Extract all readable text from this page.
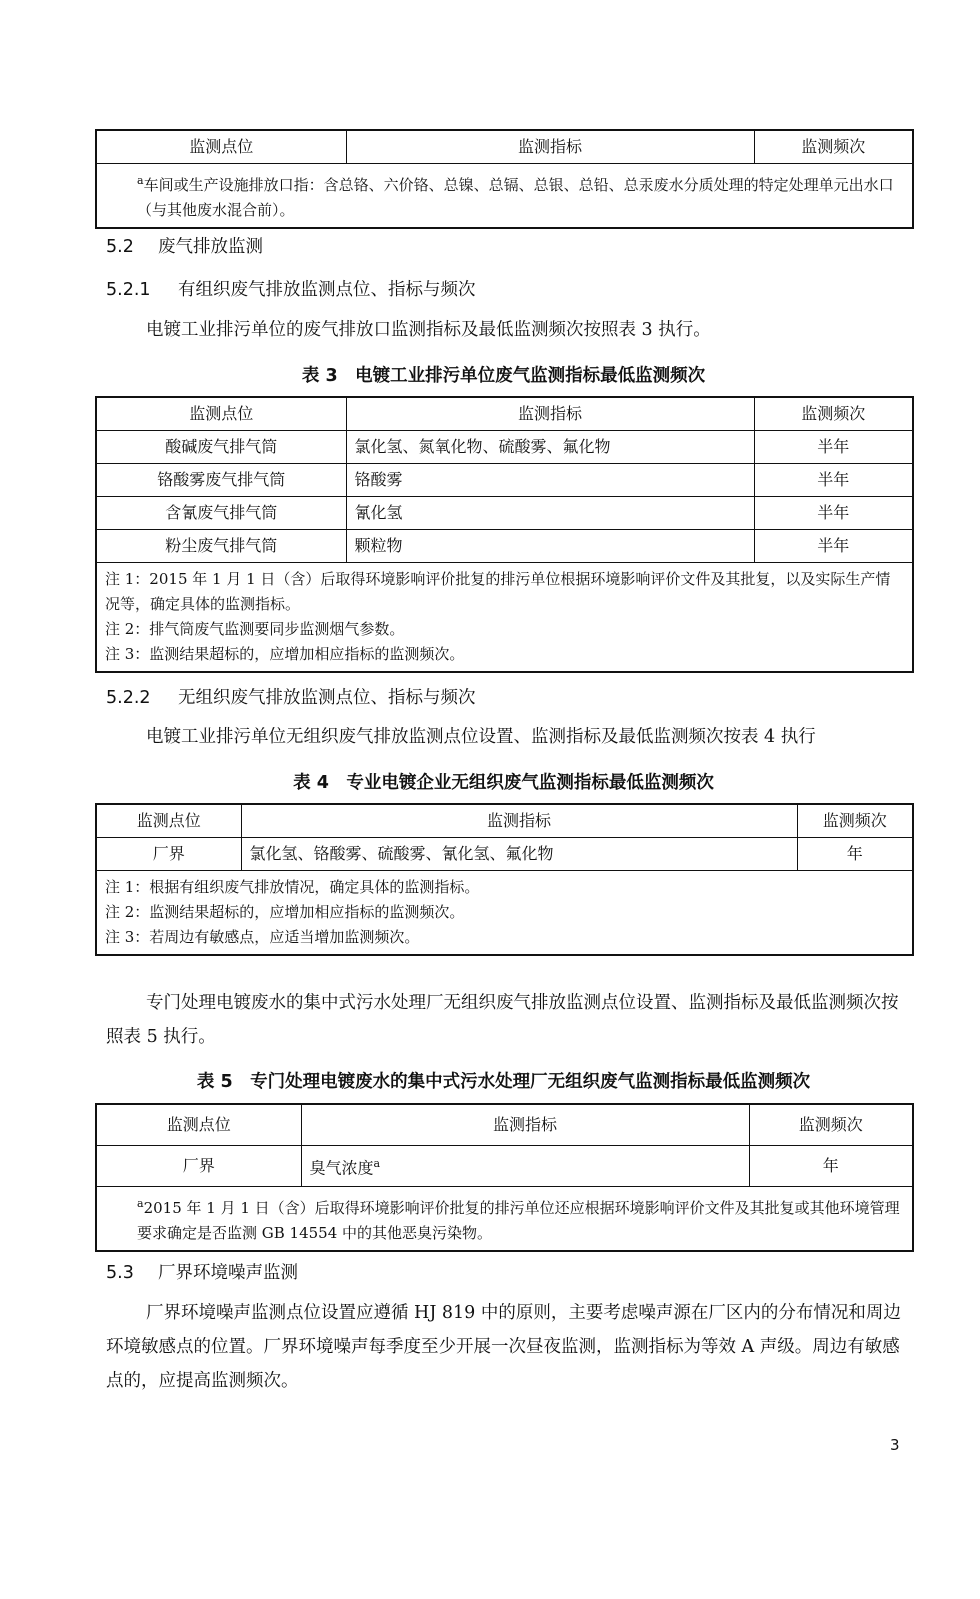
监测点位	监测指标	监测频次
$^a$车间或生产设施排放口指：含总铬、六价铬、总镍、总镉、总银、总铅、总汞废水分质处理的特定处理单元出水口（与其他废水混合前）。
5.2 废气排放监测
5.2.1 有组织废气排放监测点位、指标与频次
电镀工业排污单位的废气排放口监测指标及最低监测频次按照表 3 执行。
表 3　电镀工业排污单位废气监测指标最低监测频次
监测点位	监测指标	监测频次
酸碱废气排气筒	氯化氢、氮氧化物、硫酸雾、氟化物	半年
铬酸雾废气排气筒	铬酸雾	半年
含氰废气排气筒	氰化氢	半年
粉尘废气排气筒	颗粒物	半年

注 1：2015 年 1 月 1 日（含）后取得环境影响评价批复的排污单位根据环境影响评价文件及其批复，以及实际生产情况等，确定具体的监测指标。
注 2：排气筒废气监测要同步监测烟气参数。
注 3：监测结果超标的，应增加相应指标的监测频次。		
5.2.2 无组织废气排放监测点位、指标与频次
电镀工业排污单位无组织废气排放监测点位设置、监测指标及最低监测频次按表 4 执行
表 4　专业电镀企业无组织废气监测指标最低监测频次
监测点位	监测指标	监测频次
厂界	氯化氢、铬酸雾、硫酸雾、氰化氢、氟化物	年

注 1：根据有组织废气排放情况，确定具体的监测指标。
注 2：监测结果超标的，应增加相应指标的监测频次。
注 3：若周边有敏感点，应适当增加监测频次。		
专门处理电镀废水的集中式污水处理厂无组织废气排放监测点位设置、监测指标及最低监测频次按照表 5 执行。
表 5　专门处理电镀废水的集中式污水处理厂无组织废气监测指标最低监测频次
监测点位	监测指标	监测频次
厂界	臭气浓度$^a$	年
$^a$2015 年 1 月 1 日（含）后取得环境影响评价批复的排污单位还应根据环境影响评价文件及其批复或其他环境管理要求确定是否监测 GB 14554 中的其他恶臭污染物。		
5.3 厂界环境噪声监测
厂界环境噪声监测点位设置应遵循 HJ 819 中的原则，主要考虑噪声源在厂区内的分布情况和周边环境敏感点的位置。厂界环境噪声每季度至少开展一次昼夜监测，监测指标为等效 A 声级。周边有敏感点的，应提高监测频次。
3
